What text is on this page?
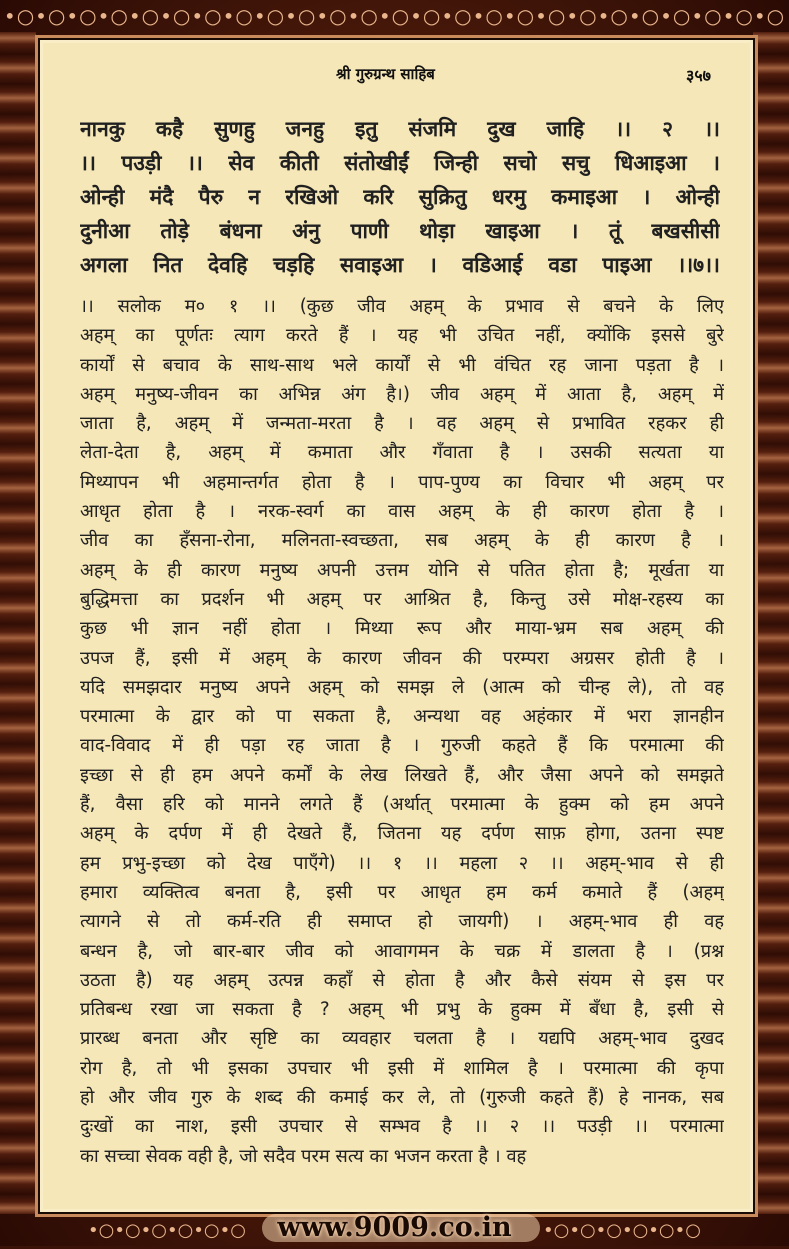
•○•○•○•○•○•○•○•○•○•○•○•○•○•○•○•○•○•○•○•○•○•○•○•○•○
श्री गुरुग्रन्थ साहिब	३५७
नानकु कहै सुणहु जनहु इतु संजमि दुख जाहि ।। २ ।।
।। पउड़ी ।। सेव कीती संतोखीईं जिन्ही सचो सचु धिआइआ ।
ओन्ही मंदै पैरु न रखिओ करि सुक्रितु धरमु कमाइआ । ओन्ही
दुनीआ तोड़े बंधना अंनु पाणी थोड़ा खाइआ । तूं बखसीसी
अगला नित देवहि चड़हि सवाइआ । वडिआई वडा पाइआ ।।७।।
।। सलोक म० १ ।। (कुछ जीव अहम् के प्रभाव से बचने के लिए
अहम् का पूर्णतः त्याग करते हैं । यह भी उचित नहीं, क्योंकि इससे बुरे
कार्यों से बचाव के साथ-साथ भले कार्यों से भी वंचित रह जाना पड़ता है ।
अहम् मनुष्य-जीवन का अभिन्न अंग है।) जीव अहम् में आता है, अहम् में
जाता है, अहम् में जन्मता-मरता है । वह अहम् से प्रभावित रहकर ही
लेता-देता है, अहम् में कमाता और गँवाता है । उसकी सत्यता या
मिथ्यापन भी अहमान्तर्गत होता है । पाप-पुण्य का विचार भी अहम् पर
आधृत होता है । नरक-स्वर्ग का वास अहम् के ही कारण होता है ।
जीव का हँसना-रोना, मलिनता-स्वच्छता, सब अहम् के ही कारण है ।
अहम् के ही कारण मनुष्य अपनी उत्तम योनि से पतित होता है; मूर्खता या
बुद्धिमत्ता का प्रदर्शन भी अहम् पर आश्रित है, किन्तु उसे मोक्ष-रहस्य का
कुछ भी ज्ञान नहीं होता । मिथ्या रूप और माया-भ्रम सब अहम् की
उपज हैं, इसी में अहम् के कारण जीवन की परम्परा अग्रसर होती है ।
यदि समझदार मनुष्य अपने अहम् को समझ ले (आत्म को चीन्ह ले), तो वह
परमात्मा के द्वार को पा सकता है, अन्यथा वह अहंकार में भरा ज्ञानहीन
वाद-विवाद में ही पड़ा रह जाता है । गुरुजी कहते हैं कि परमात्मा की
इच्छा से ही हम अपने कर्मों के लेख लिखते हैं, और जैसा अपने को समझते
हैं, वैसा हरि को मानने लगते हैं (अर्थात् परमात्मा के हुक्म को हम अपने
अहम् के दर्पण में ही देखते हैं, जितना यह दर्पण साफ़ होगा, उतना स्पष्ट
हम प्रभु-इच्छा को देख पाएँगे) ।। १ ।। महला २ ।। अहम्-भाव से ही
हमारा व्यक्तित्व बनता है, इसी पर आधृत हम कर्म कमाते हैं (अहम्
त्यागने से तो कर्म-रति ही समाप्त हो जायगी) । अहम्-भाव ही वह
बन्धन है, जो बार-बार जीव को आवागमन के चक्र में डालता है । (प्रश्न
उठता है) यह अहम् उत्पन्न कहाँ से होता है और कैसे संयम से इस पर
प्रतिबन्ध रखा जा सकता है ? अहम् भी प्रभु के हुक्म में बँधा है, इसी से
प्रारब्ध बनता और सृष्टि का व्यवहार चलता है । यद्यपि अहम्-भाव दुखद
रोग है, तो भी इसका उपचार भी इसी में शामिल है । परमात्मा की कृपा
हो और जीव गुरु के शब्द की कमाई कर ले, तो (गुरुजी कहते हैं) हे नानक, सब
दुःखों का नाश, इसी उपचार से सम्भव है ।। २ ।। पउड़ी ।। परमात्मा
का सच्चा सेवक वही है, जो सदैव परम सत्य का भजन करता है । वह
•○•○•○•○•○•○ www.9009.co.in •○•○•○•○•○•○
